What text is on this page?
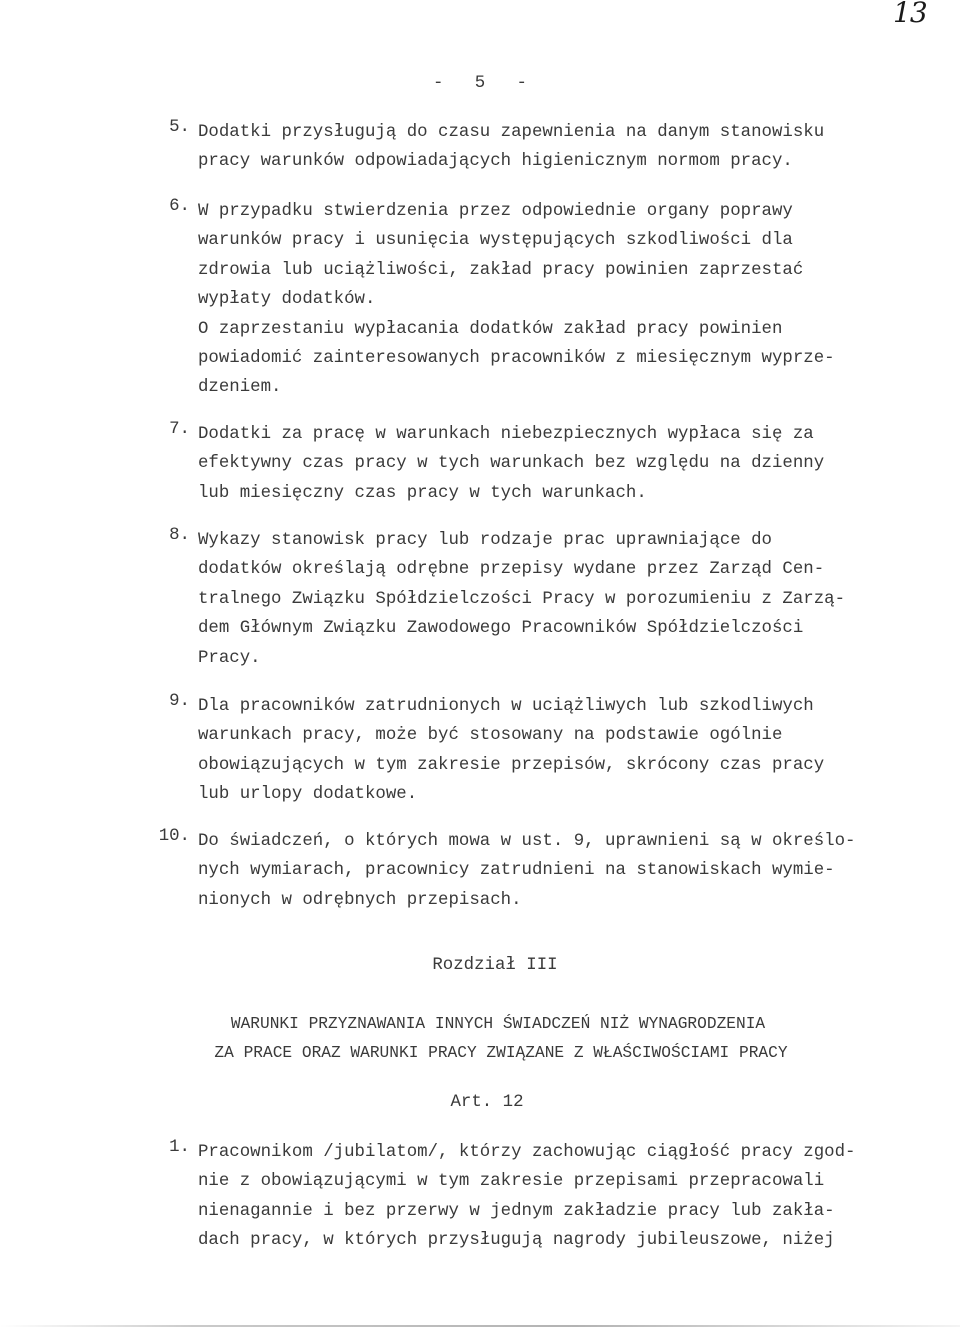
13
-   5   -
5. Dodatki przysługują do czasu zapewnienia na danym stanowisku
pracy warunków odpowiadających higienicznym normom pracy.
6. W przypadku stwierdzenia przez odpowiednie organy poprawy
warunków pracy i usunięcia występujących szkodliwości dla
zdrowia lub uciążliwości, zakład pracy powinien zaprzestać
wypłaty dodatków.
O zaprzestaniu wypłacania dodatków zakład pracy powinien
powiadomić zainteresowanych pracowników z miesięcznym wyprze-
dzeniem.
7. Dodatki za pracę w warunkach niebezpiecznych wypłaca się za
efektywny czas pracy w tych warunkach bez względu na dzienny
lub miesięczny czas pracy w tych warunkach.
8. Wykazy stanowisk pracy lub rodzaje prac uprawniające do
dodatków określają odrębne przepisy wydane przez Zarząd Cen-
tralnego Związku Spółdzielczości Pracy w porozumieniu z Zarzą-
dem Głównym Związku Zawodowego Pracowników Spółdzielczości
Pracy.
9. Dla pracowników zatrudnionych w uciążliwych lub szkodliwych
warunkach pracy, może być stosowany na podstawie ogólnie
obowiązujących w tym zakresie przepisów, skrócony czas pracy
lub urlopy dodatkowe.
10. Do świadczeń, o których mowa w ust. 9, uprawnieni są w określo-
nych wymiarach, pracownicy zatrudnieni na stanowiskach wymie-
nionych w odrębnych przepisach.
Rozdział III
WARUNKI PRZYZNAWANIA INNYCH ŚWIADCZEŃ NIŻ WYNAGRODZENIA
ZA PRACE ORAZ WARUNKI PRACY ZWIĄZANE Z WŁAŚCIWOŚCIAMI PRACY
Art. 12
1. Pracownikom /jubilatom/, którzy zachowując ciągłość pracy zgod-
nie z obowiązującymi w tym zakresie przepisami przepracowali
nienagannie i bez przerwy w jednym zakładzie pracy lub zakła-
dach pracy, w których przysługują nagrody jubileuszowe, niżej
